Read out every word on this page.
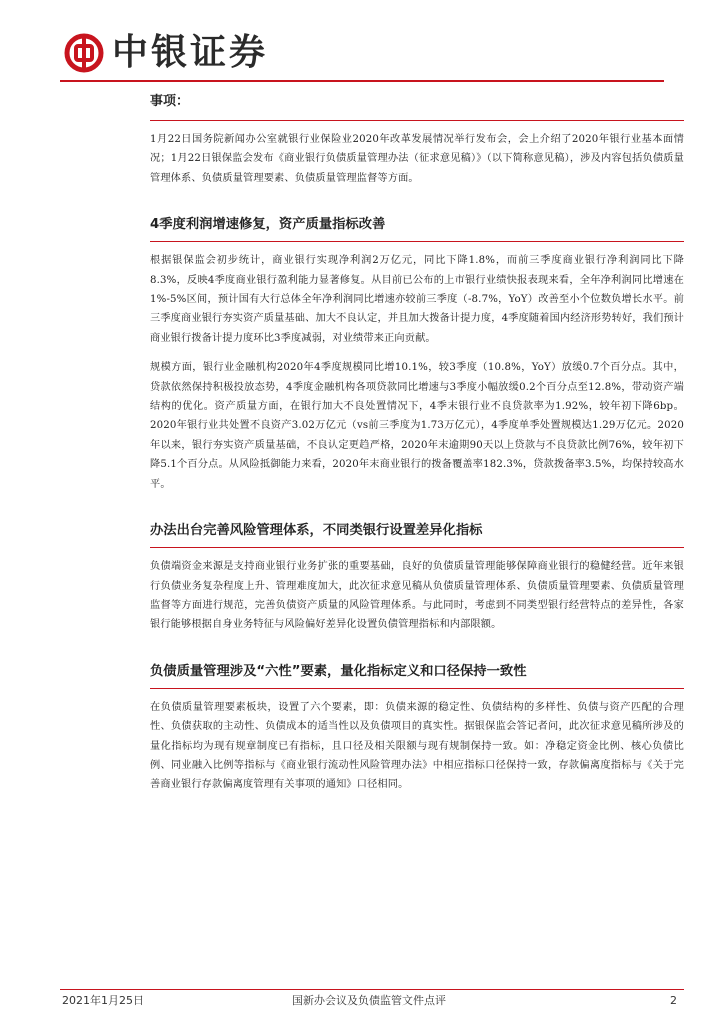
中银证券
事项：

1月22日国务院新闻办公室就银行业保险业2020年改革发展情况举行发布会，会上介绍了2020年银行业基本面情况；1月22日银保监会发布《商业银行负债质量管理办法（征求意见稿）》（以下简称意见稿），涉及内容包括负债质量管理体系、负债质量管理要素、负债质量管理监督等方面。

4季度利润增速修复，资产质量指标改善

根据银保监会初步统计，商业银行实现净利润2万亿元，同比下降1.8%，而前三季度商业银行净利润同比下降8.3%，反映4季度商业银行盈利能力显著修复。从目前已公布的上市银行业绩快报表现来看，全年净利润同比增速在1%-5%区间，预计国有大行总体全年净利润同比增速亦较前三季度（-8.7%，YoY）改善至小个位数负增长水平。前三季度商业银行夯实资产质量基础、加大不良认定，并且加大拨备计提力度，4季度随着国内经济形势转好，我们预计商业银行拨备计提力度环比3季度减弱，对业绩带来正向贡献。

规模方面，银行业金融机构2020年4季度规模同比增10.1%，较3季度（10.8%，YoY）放缓0.7个百分点。其中，贷款依然保持积极投放态势，4季度金融机构各项贷款同比增速与3季度小幅放缓0.2个百分点至12.8%，带动资产端结构的优化。资产质量方面，在银行加大不良处置情况下，4季末银行业不良贷款率为1.92%，较年初下降6bp。2020年银行业共处置不良资产3.02万亿元（vs前三季度为1.73万亿元），4季度单季处置规模达1.29万亿元。2020年以来，银行夯实资产质量基础，不良认定更趋严格，2020年末逾期90天以上贷款与不良贷款比例76%，较年初下降5.1个百分点。从风险抵御能力来看，2020年末商业银行的拨备覆盖率182.3%，贷款拨备率3.5%，均保持较高水平。

办法出台完善风险管理体系，不同类银行设置差异化指标

负债端资金来源是支持商业银行业务扩张的重要基础，良好的负债质量管理能够保障商业银行的稳健经营。近年来银行负债业务复杂程度上升、管理难度加大，此次征求意见稿从负债质量管理体系、负债质量管理要素、负债质量管理监督等方面进行规范，完善负债资产质量的风险管理体系。与此同时，考虑到不同类型银行经营特点的差异性，各家银行能够根据自身业务特征与风险偏好差异化设置负债管理指标和内部限额。

负债质量管理涉及“六性”要素，量化指标定义和口径保持一致性

在负债质量管理要素板块，设置了六个要素，即：负债来源的稳定性、负债结构的多样性、负债与资产匹配的合理性、负债获取的主动性、负债成本的适当性以及负债项目的真实性。据银保监会答记者问，此次征求意见稿所涉及的量化指标均为现有规章制度已有指标，且口径及相关限额与现有规制保持一致。如：净稳定资金比例、核心负债比例、同业融入比例等指标与《商业银行流动性风险管理办法》中相应指标口径保持一致，存款偏离度指标与《关于完善商业银行存款偏离度管理有关事项的通知》口径相同。

2021年1月25日	国新办会议及负债监管文件点评	2
